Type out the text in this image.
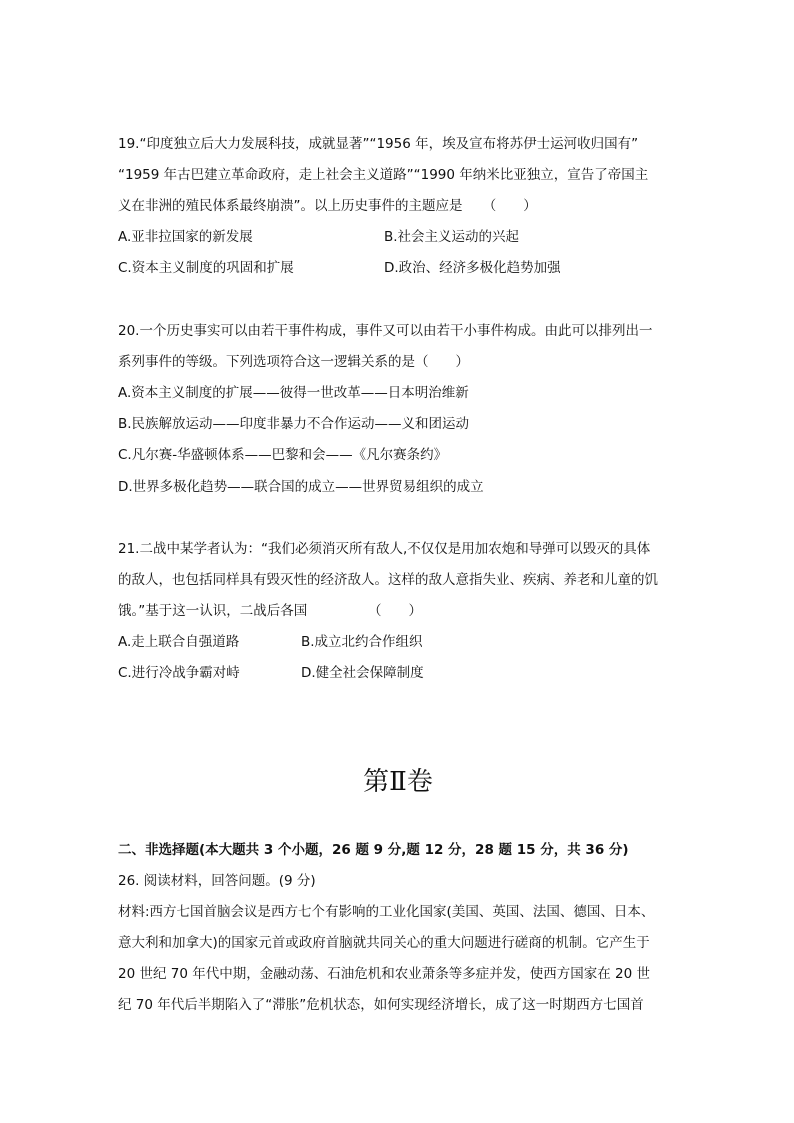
19.“印度独立后大力发展科技，成就显著”“1956 年，埃及宣布将苏伊士运河收归国有”
“1959 年古巴建立革命政府，走上社会主义道路”“1990 年纳米比亚独立，宣告了帝国主
义在非洲的殖民体系最终崩溃”。以上历史事件的主题应是　　（　　）
A.亚非拉国家的新发展	B.社会主义运动的兴起
C.资本主义制度的巩固和扩展	D.政治、经济多极化趋势加强
20.一个历史事实可以由若干事件构成，事件又可以由若干小事件构成。由此可以排列出一
系列事件的等级。下列选项符合这一逻辑关系的是（　　）
A.资本主义制度的扩展——彼得一世改革——日本明治维新
B.民族解放运动——印度非暴力不合作运动——义和团运动
C.凡尔赛-华盛顿体系——巴黎和会——《凡尔赛条约》
D.世界多极化趋势——联合国的成立——世界贸易组织的成立
21.二战中某学者认为：“我们必须消灭所有敌人,不仅仅是用加农炮和导弹可以毁灭的具体
的敌人，也包括同样具有毁灭性的经济敌人。这样的敌人意指失业、疾病、养老和儿童的饥
饿。”基于这一认识，二战后各国　　　　　（　　）
A.走上联合自强道路	B.成立北约合作组织
C.进行冷战争霸对峙	D.健全社会保障制度
第Ⅱ卷
二、非选择题(本大题共 3 个小题，26 题 9 分,题 12 分，28 题 15 分，共 36 分)
26. 阅读材料，回答问题。(9 分)
材料:西方七国首脑会议是西方七个有影响的工业化国家(美国、英国、法国、德国、日本、
意大利和加拿大)的国家元首或政府首脑就共同关心的重大问题进行磋商的机制。它产生于
20 世纪 70 年代中期，金融动荡、石油危机和农业萧条等多症并发，使西方国家在 20 世
纪 70 年代后半期陷入了“滞胀”危机状态，如何实现经济增长，成了这一时期西方七国首
